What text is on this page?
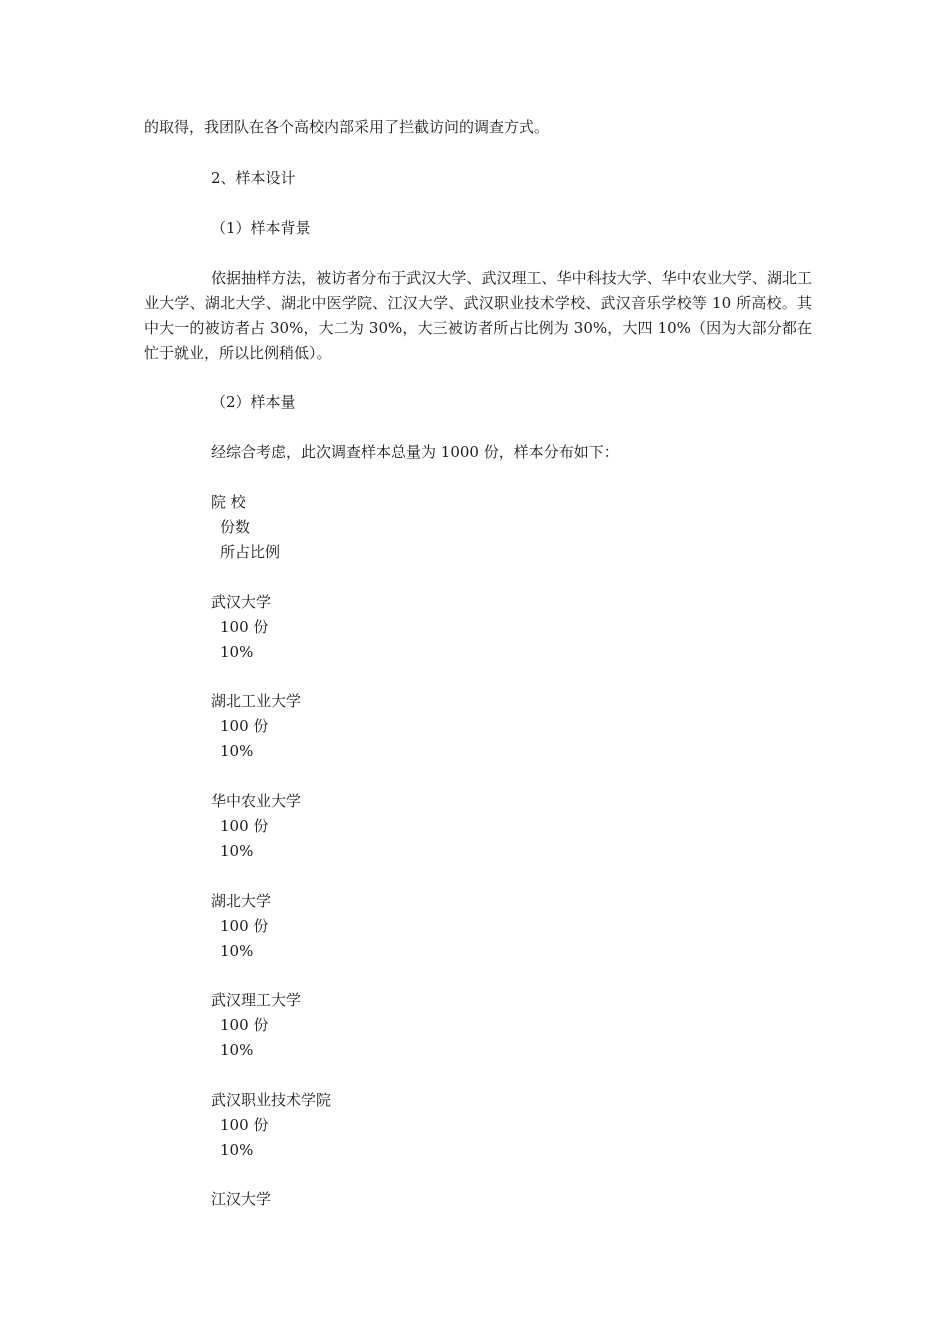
的取得，我团队在各个高校内部采用了拦截访问的调查方式。
2、样本设计
（1）样本背景
依据抽样方法，被访者分布于武汉大学、武汉理工、华中科技大学、华中农业大学、湖北工业大学、湖北大学、湖北中医学院、江汉大学、武汉职业技术学校、武汉音乐学校等 10 所高校。其中大一的被访者占 30%，大二为 30%，大三被访者所占比例为 30%，大四 10%（因为大部分都在忙于就业，所以比例稍低）。
（2）样本量
经综合考虑，此次调查样本总量为 1000 份，样本分布如下：
院 校
份数
所占比例
武汉大学
100 份
10%
湖北工业大学
100 份
10%
华中农业大学
100 份
10%
湖北大学
100 份
10%
武汉理工大学
100 份
10%
武汉职业技术学院
100 份
10%
江汉大学
